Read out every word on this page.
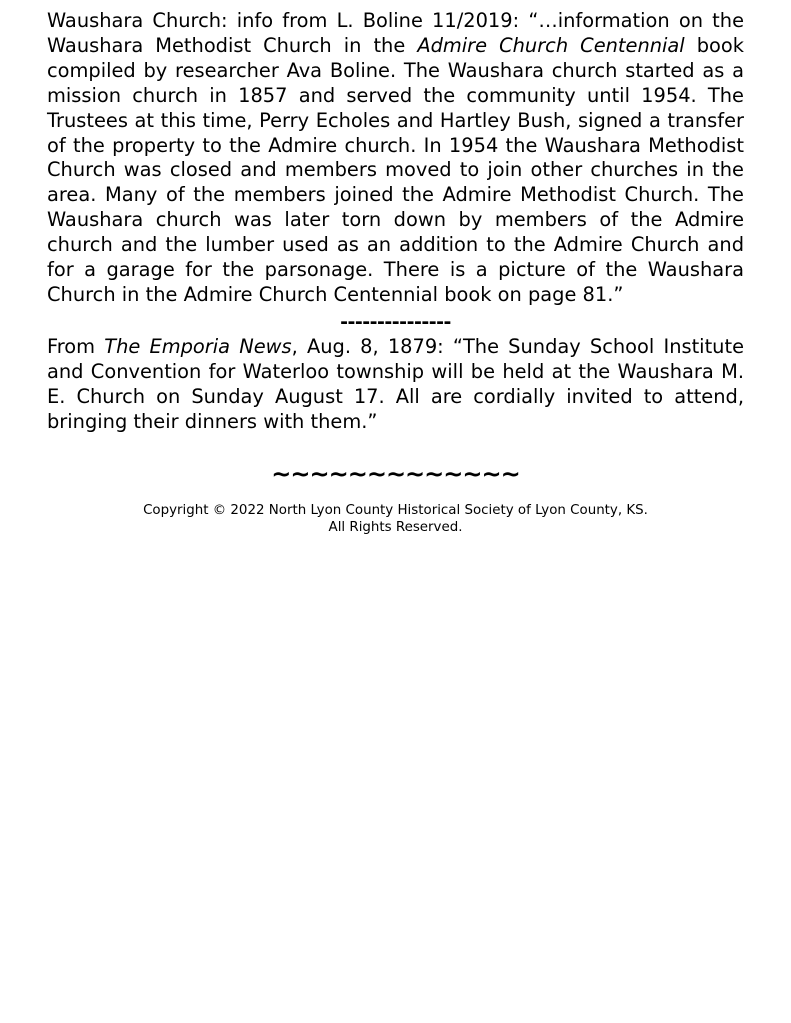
Waushara Church: info from L. Boline 11/2019: “…information on the Waushara Methodist Church in the Admire Church Centennial book compiled by researcher Ava Boline. The Waushara church started as a mission church in 1857 and served the community until 1954. The Trustees at this time, Perry Echoles and Hartley Bush, signed a transfer of the property to the Admire church. In 1954 the Waushara Methodist Church was closed and members moved to join other churches in the area. Many of the members joined the Admire Methodist Church. The Waushara church was later torn down by members of the Admire church and the lumber used as an addition to the Admire Church and for a garage for the parsonage. There is a picture of the Waushara Church in the Admire Church Centennial book on page 81.”

---------------

From The Emporia News, Aug. 8, 1879: “The Sunday School Institute and Convention for Waterloo township will be held at the Waushara M. E. Church on Sunday August 17. All are cordially invited to attend, bringing their dinners with them.”

~~~~~~~~~~~~~
Copyright © 2022 North Lyon County Historical Society of Lyon County, KS.
All Rights Reserved.
